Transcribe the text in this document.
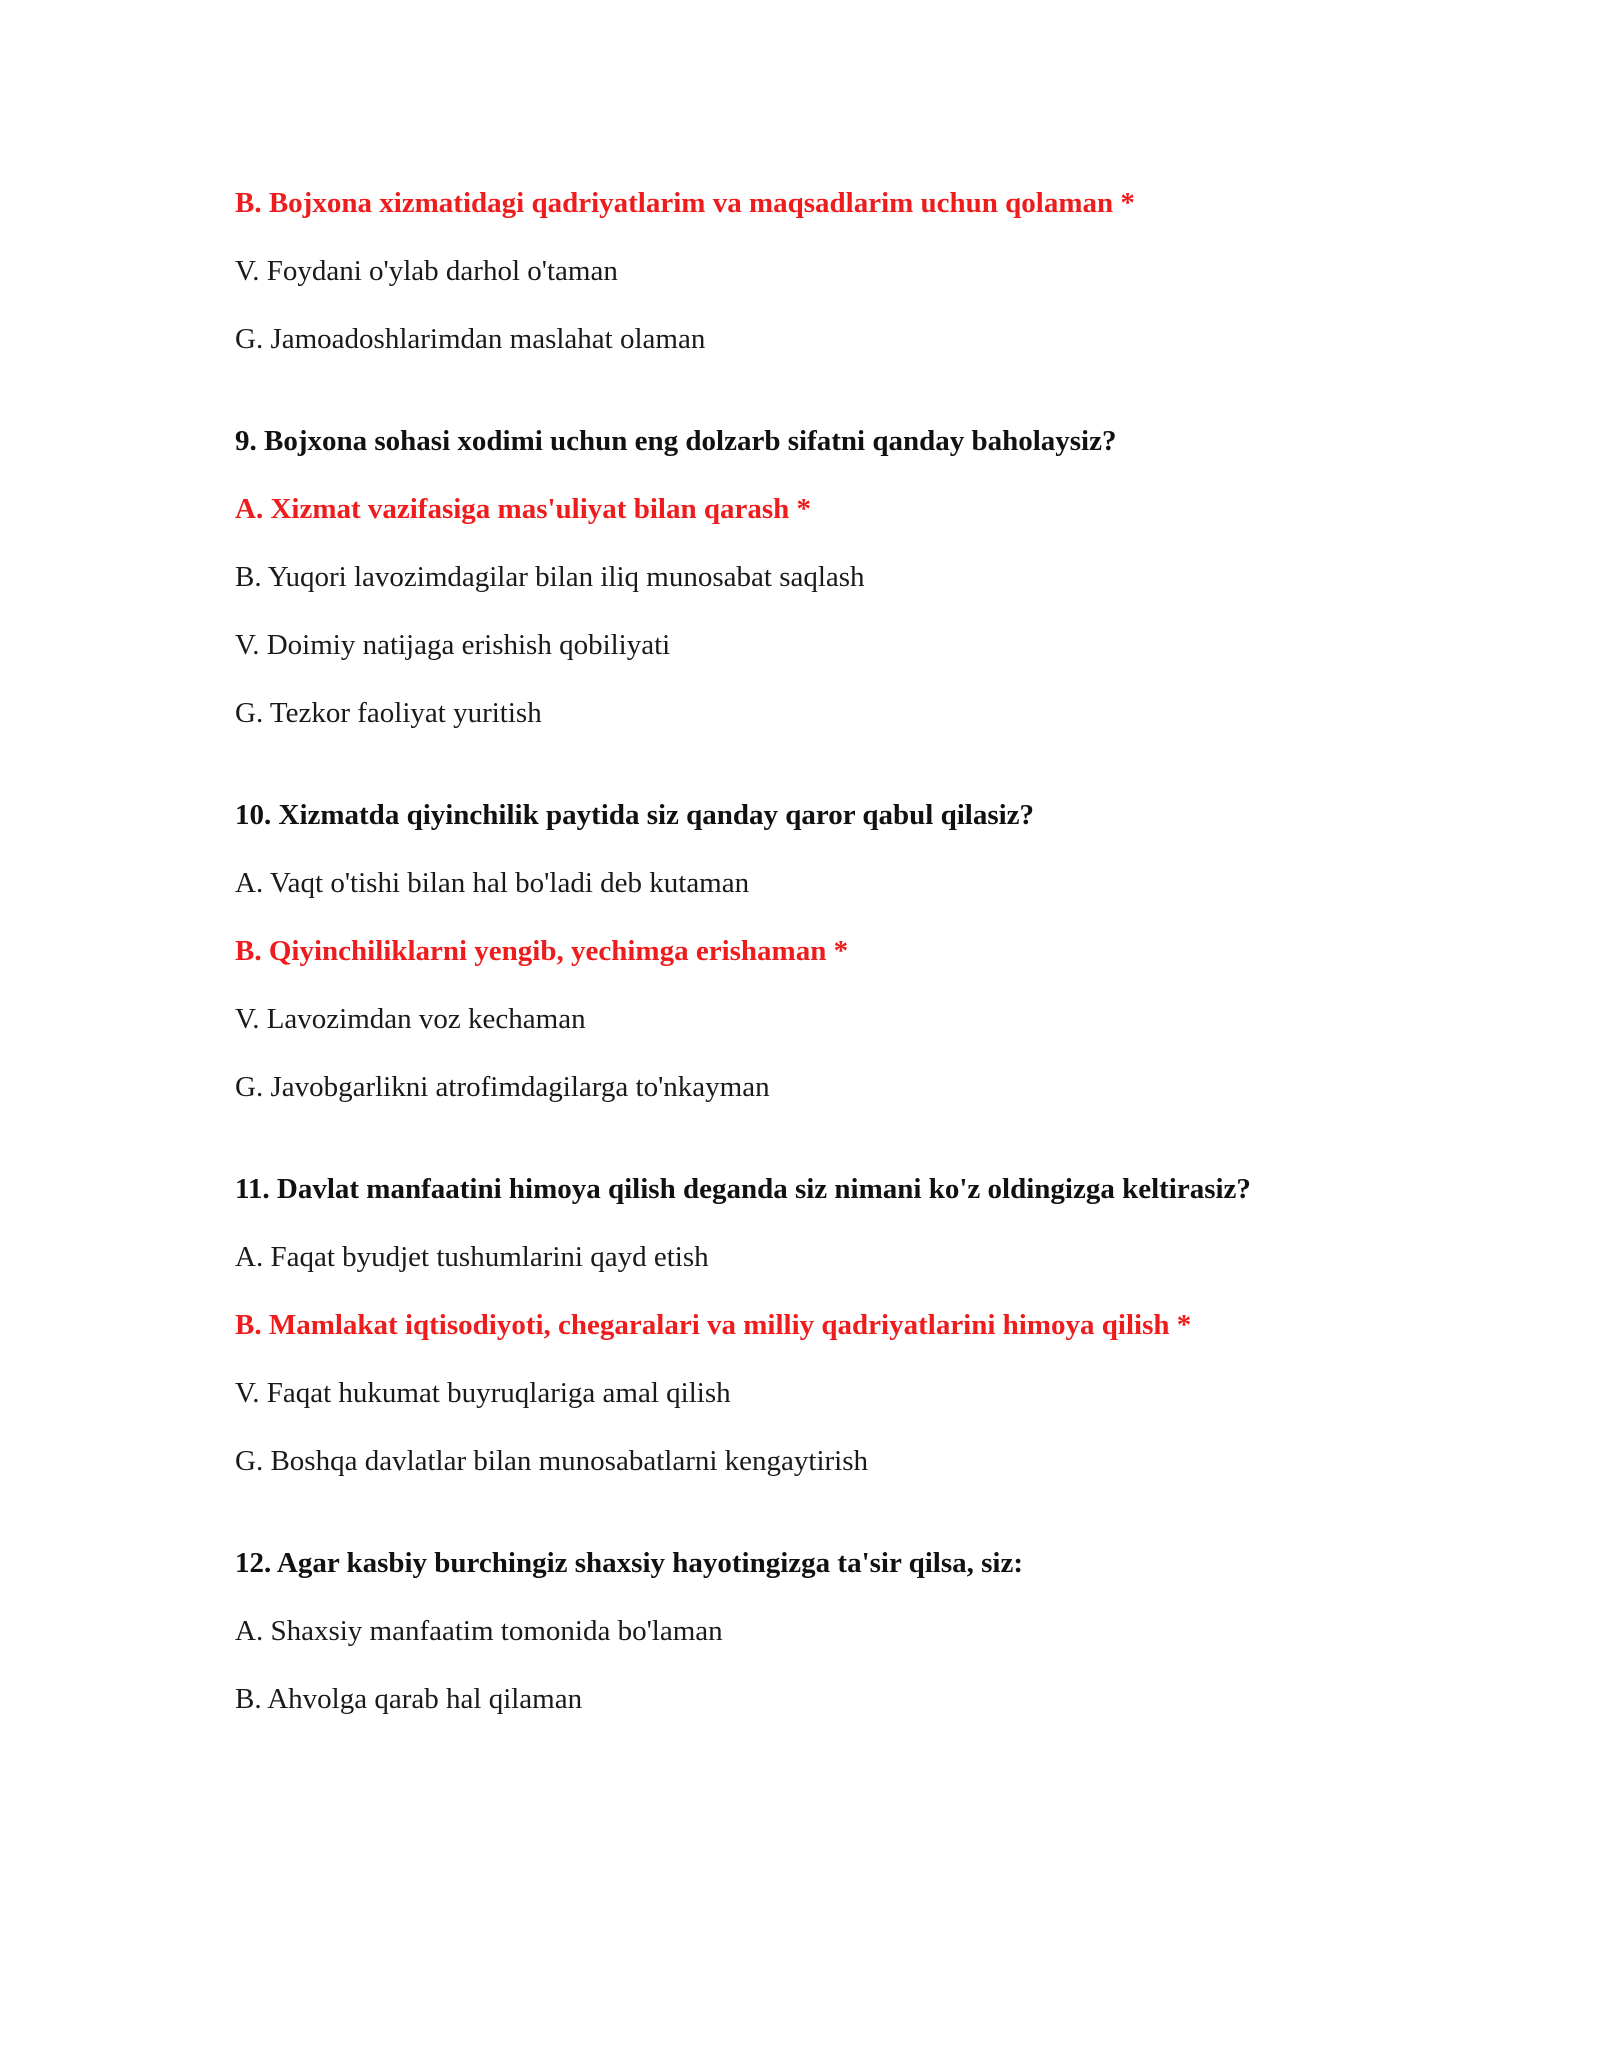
B. Bojxona xizmatidagi qadriyatlarim va maqsadlarim uchun qolaman *
V. Foydani o'ylab darhol o'taman
G. Jamoadoshlarimdan maslahat olaman
9. Bojxona sohasi xodimi uchun eng dolzarb sifatni qanday baholaysiz?
A. Xizmat vazifasiga mas'uliyat bilan qarash *
B. Yuqori lavozimdagilar bilan iliq munosabat saqlash
V. Doimiy natijaga erishish qobiliyati
G. Tezkor faoliyat yuritish
10. Xizmatda qiyinchilik paytida siz qanday qaror qabul qilasiz?
A. Vaqt o'tishi bilan hal bo'ladi deb kutaman
B. Qiyinchiliklarni yengib, yechimga erishaman *
V. Lavozimdan voz kechaman
G. Javobgarlikni atrofimdagilarga to'nkayman
11. Davlat manfaatini himoya qilish deganda siz nimani ko'z oldingizga keltirasiz?
A. Faqat byudjet tushumlarini qayd etish
B. Mamlakat iqtisodiyoti, chegaralari va milliy qadriyatlarini himoya qilish *
V. Faqat hukumat buyruqlariga amal qilish
G. Boshqa davlatlar bilan munosabatlarni kengaytirish
12. Agar kasbiy burchingiz shaxsiy hayotingizga ta'sir qilsa, siz:
A. Shaxsiy manfaatim tomonida bo'laman
B. Ahvolga qarab hal qilaman
